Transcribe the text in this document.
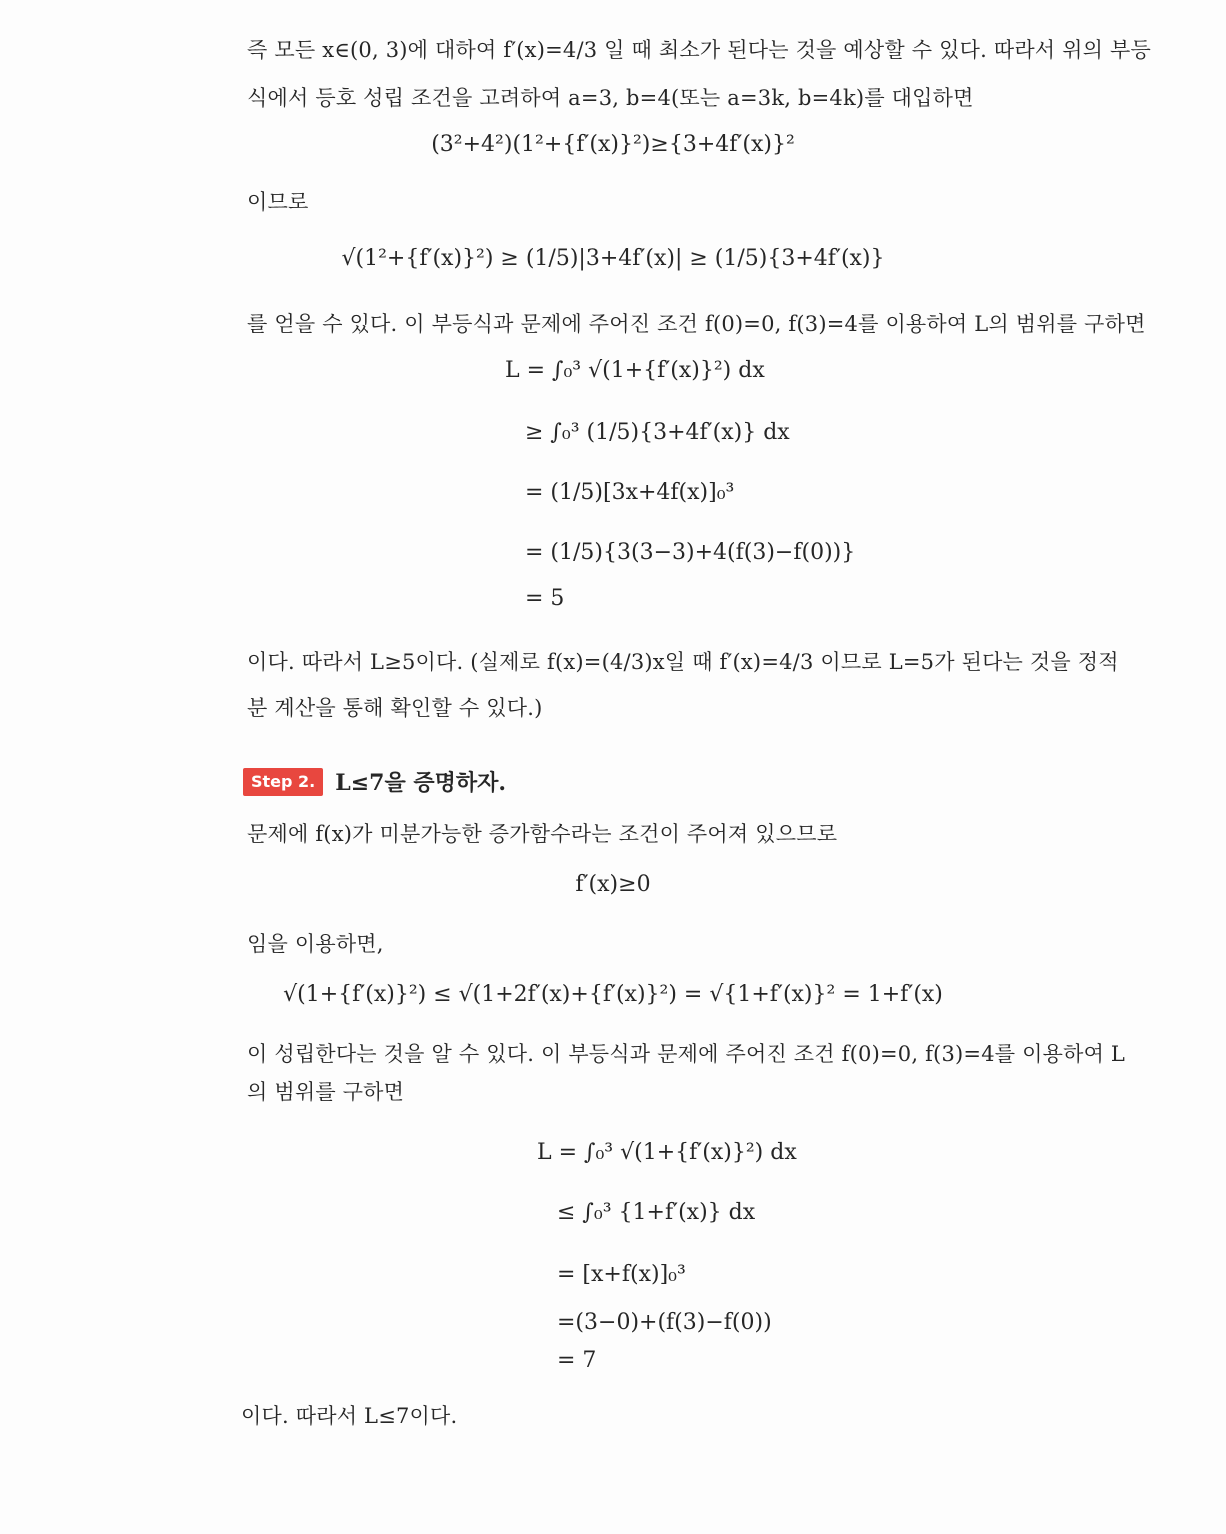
즉 모든 x∈(0, 3)에 대하여 f′(x)=4/3 일 때 최소가 된다는 것을 예상할 수 있다. 따라서 위의 부등
식에서 등호 성립 조건을 고려하여 a=3, b=4(또는 a=3k, b=4k)를 대입하면
(3²+4²)(1²+{f′(x)}²)≥{3+4f′(x)}²
이므로
√(1²+{f′(x)}²) ≥ (1/5)|3+4f′(x)| ≥ (1/5){3+4f′(x)}
를 얻을 수 있다. 이 부등식과 문제에 주어진 조건 f(0)=0, f(3)=4를 이용하여 L의 범위를 구하면
L = ∫₀³ √(1+{f′(x)}²) dx
≥ ∫₀³ (1/5){3+4f′(x)} dx
= (1/5)[3x+4f(x)]₀³
= (1/5){3(3−3)+4(f(3)−f(0))}
= 5
이다. 따라서 L≥5이다. (실제로 f(x)=(4/3)x일 때 f′(x)=4/3 이므로 L=5가 된다는 것을 정적
분 계산을 통해 확인할 수 있다.)
Step 2. L≤7을 증명하자.
문제에 f(x)가 미분가능한 증가함수라는 조건이 주어져 있으므로
f′(x)≥0
임을 이용하면,
√(1+{f′(x)}²) ≤ √(1+2f′(x)+{f′(x)}²) = √{1+f′(x)}² = 1+f′(x)
이 성립한다는 것을 알 수 있다. 이 부등식과 문제에 주어진 조건 f(0)=0, f(3)=4를 이용하여 L
의 범위를 구하면
L = ∫₀³ √(1+{f′(x)}²) dx
≤ ∫₀³ {1+f′(x)} dx
= [x+f(x)]₀³
=(3−0)+(f(3)−f(0))
= 7
이다. 따라서 L≤7이다.
